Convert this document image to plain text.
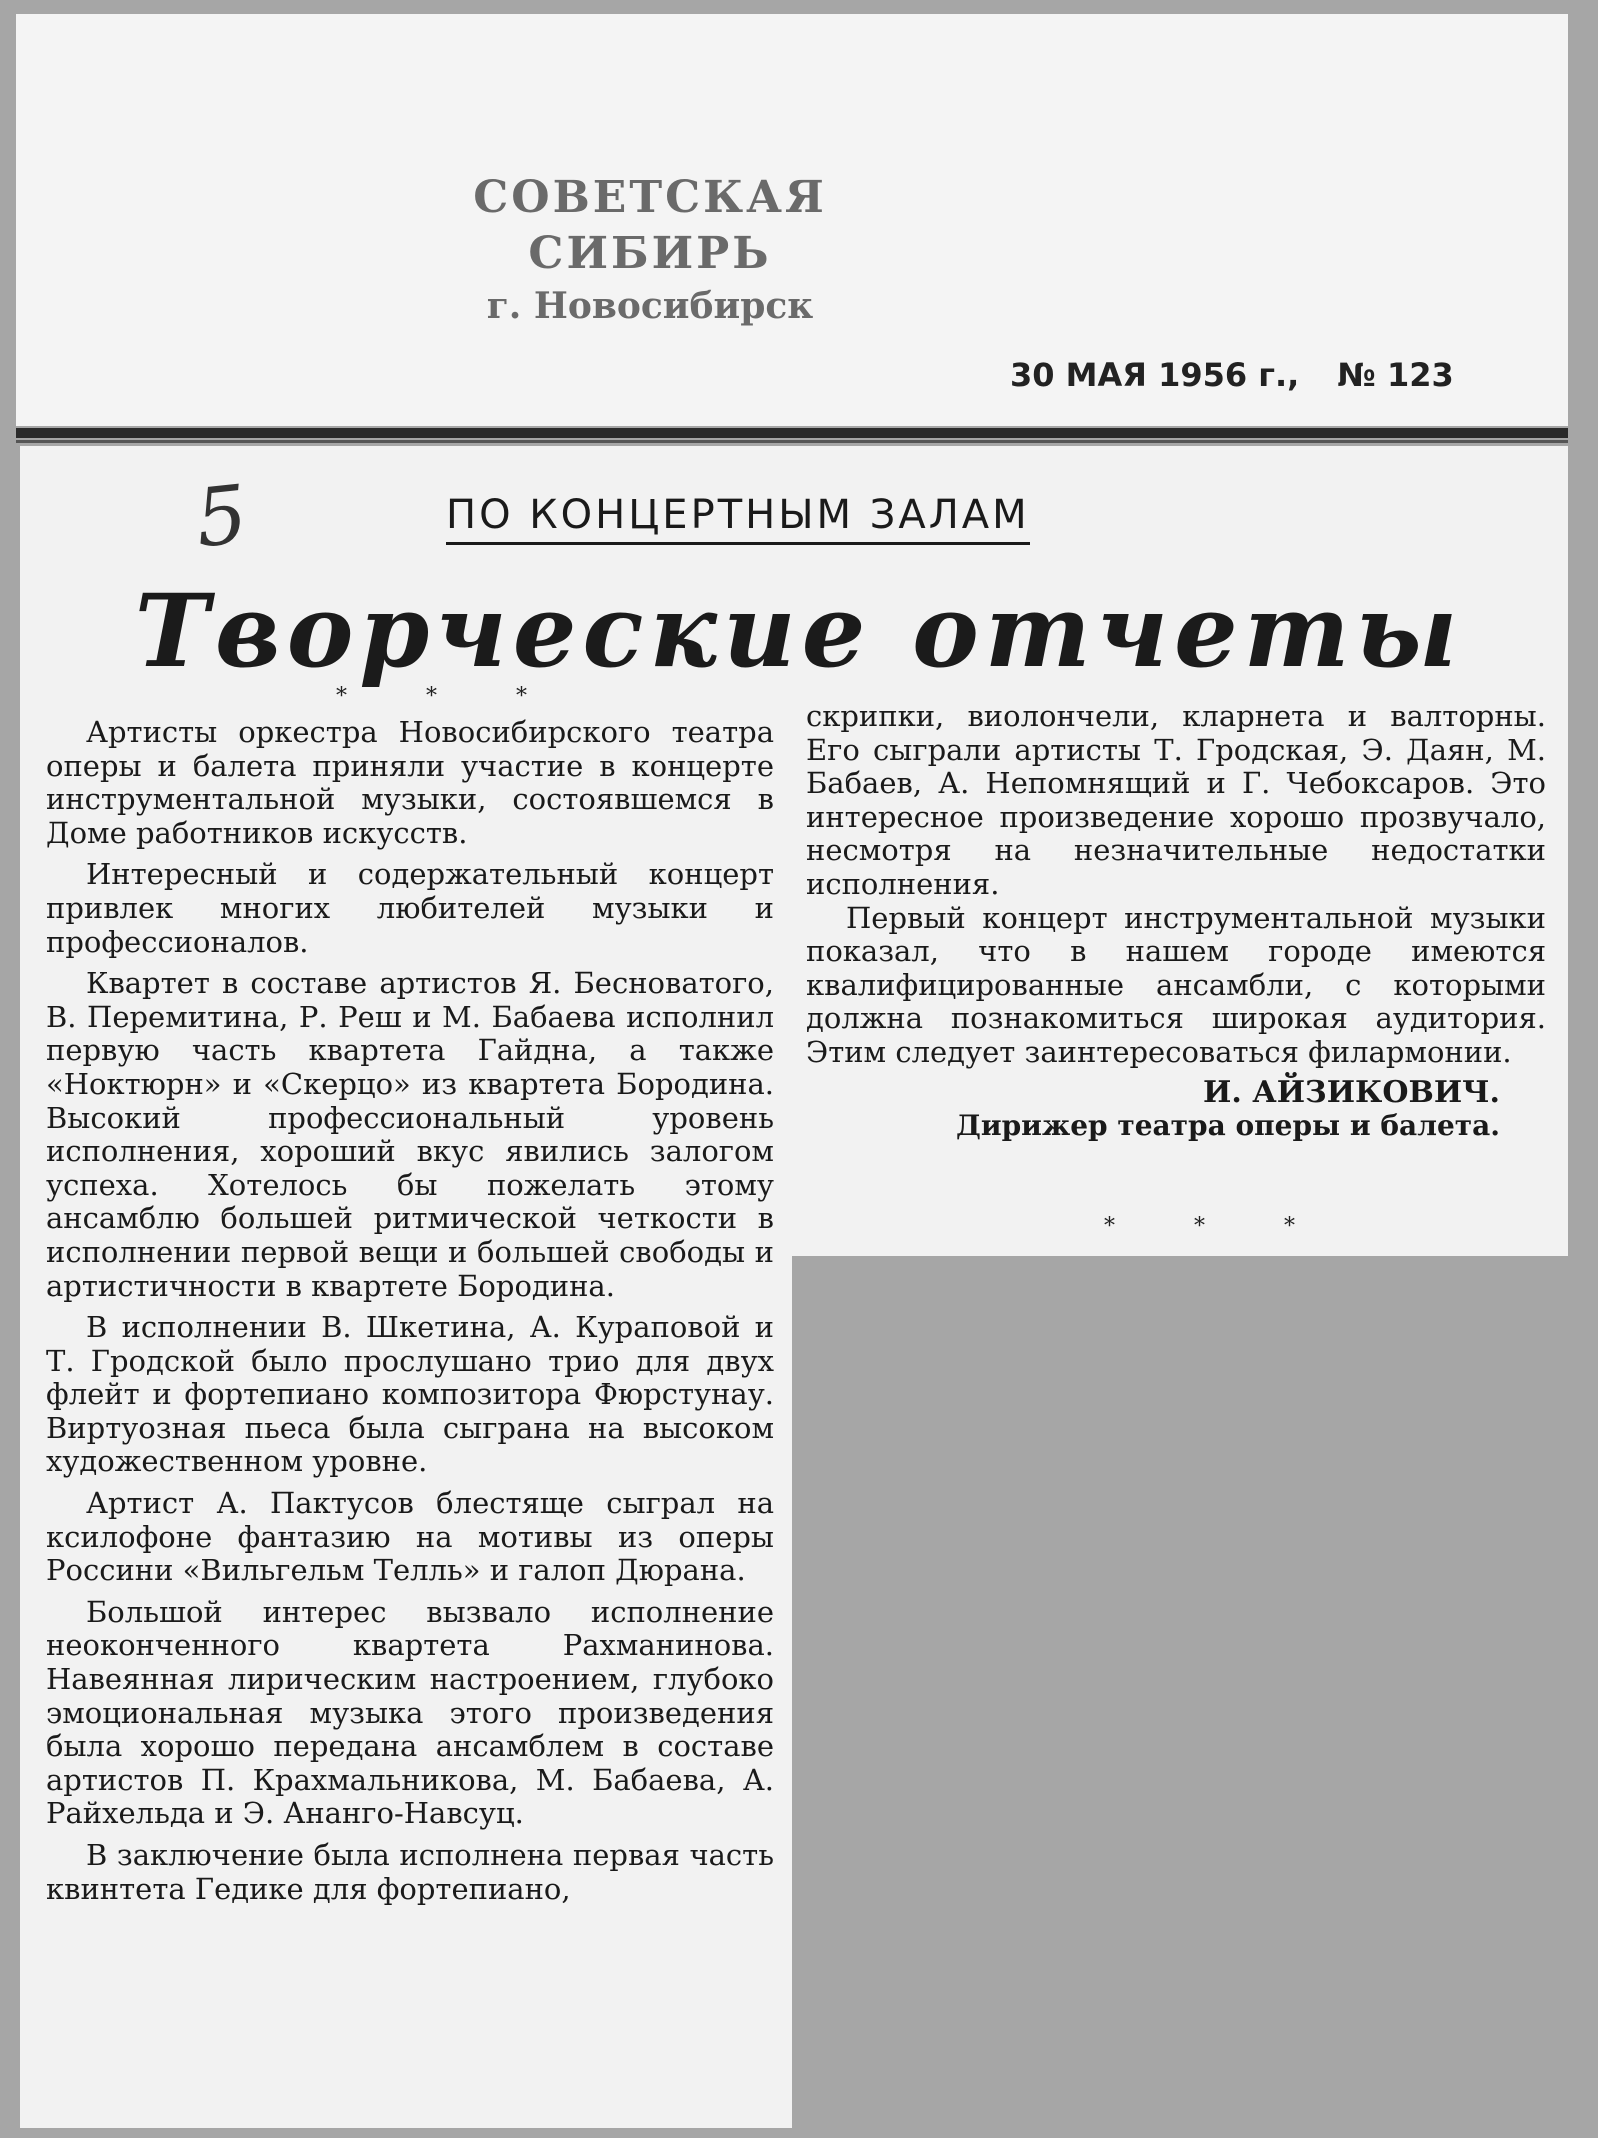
СОВЕТСКАЯ СИБИРЬ
г. Новосибирск
30 МАЯ 1956 г., № 123
5	ПО КОНЦЕРТНЫМ ЗАЛАМ
Творческие отчеты
* * *

Артисты оркестра Новосибирского театра оперы и балета приняли участие в концерте инструментальной музыки, состоявшемся в Доме работников искусств.

Интересный и содержательный концерт привлек многих любителей музыки и профессионалов.

Квартет в составе артистов Я. Бесноватого, В. Перемитина, Р. Реш и М. Бабаева исполнил первую часть квартета Гайдна, а также «Ноктюрн» и «Скерцо» из квартета Бородина. Высокий профессиональный уровень исполнения, хороший вкус явились залогом успеха. Хотелось бы пожелать этому ансамблю большей ритмической четкости в исполнении первой вещи и большей свободы и артистичности в квартете Бородина.

В исполнении В. Шкетина, А. Кураповой и Т. Гродской было прослушано трио для двух флейт и фортепиано композитора Фюрстунау. Виртуозная пьеса была сыграна на высоком художественном уровне.

Артист А. Пактусов блестяще сыграл на ксилофоне фантазию на мотивы из оперы Россини «Вильгельм Телль» и галоп Дюрана.

Большой интерес вызвало исполнение неоконченного квартета Рахманинова. Навеянная лирическим настроением, глубоко эмоциональная музыка этого произведения была хорошо передана ансамблем в составе артистов П. Крахмальникова, М. Бабаева, А. Райхельда и Э. Ананго-Навсуц.

В заключение была исполнена первая часть квинтета Гедике для фортепиано,

скрипки, виолончели, кларнета и валторны. Его сыграли артисты Т. Гродская, Э. Даян, М. Бабаев, А. Непомнящий и Г. Чебоксаров. Это интересное произведение хорошо прозвучало, несмотря на незначительные недостатки исполнения.

Первый концерт инструментальной музыки показал, что в нашем городе имеются квалифицированные ансамбли, с которыми должна познакомиться широкая аудитория. Этим следует заинтересоваться филармонии.

И. АЙЗИКОВИЧ.
Дирижер театра оперы и балета.
* * *
